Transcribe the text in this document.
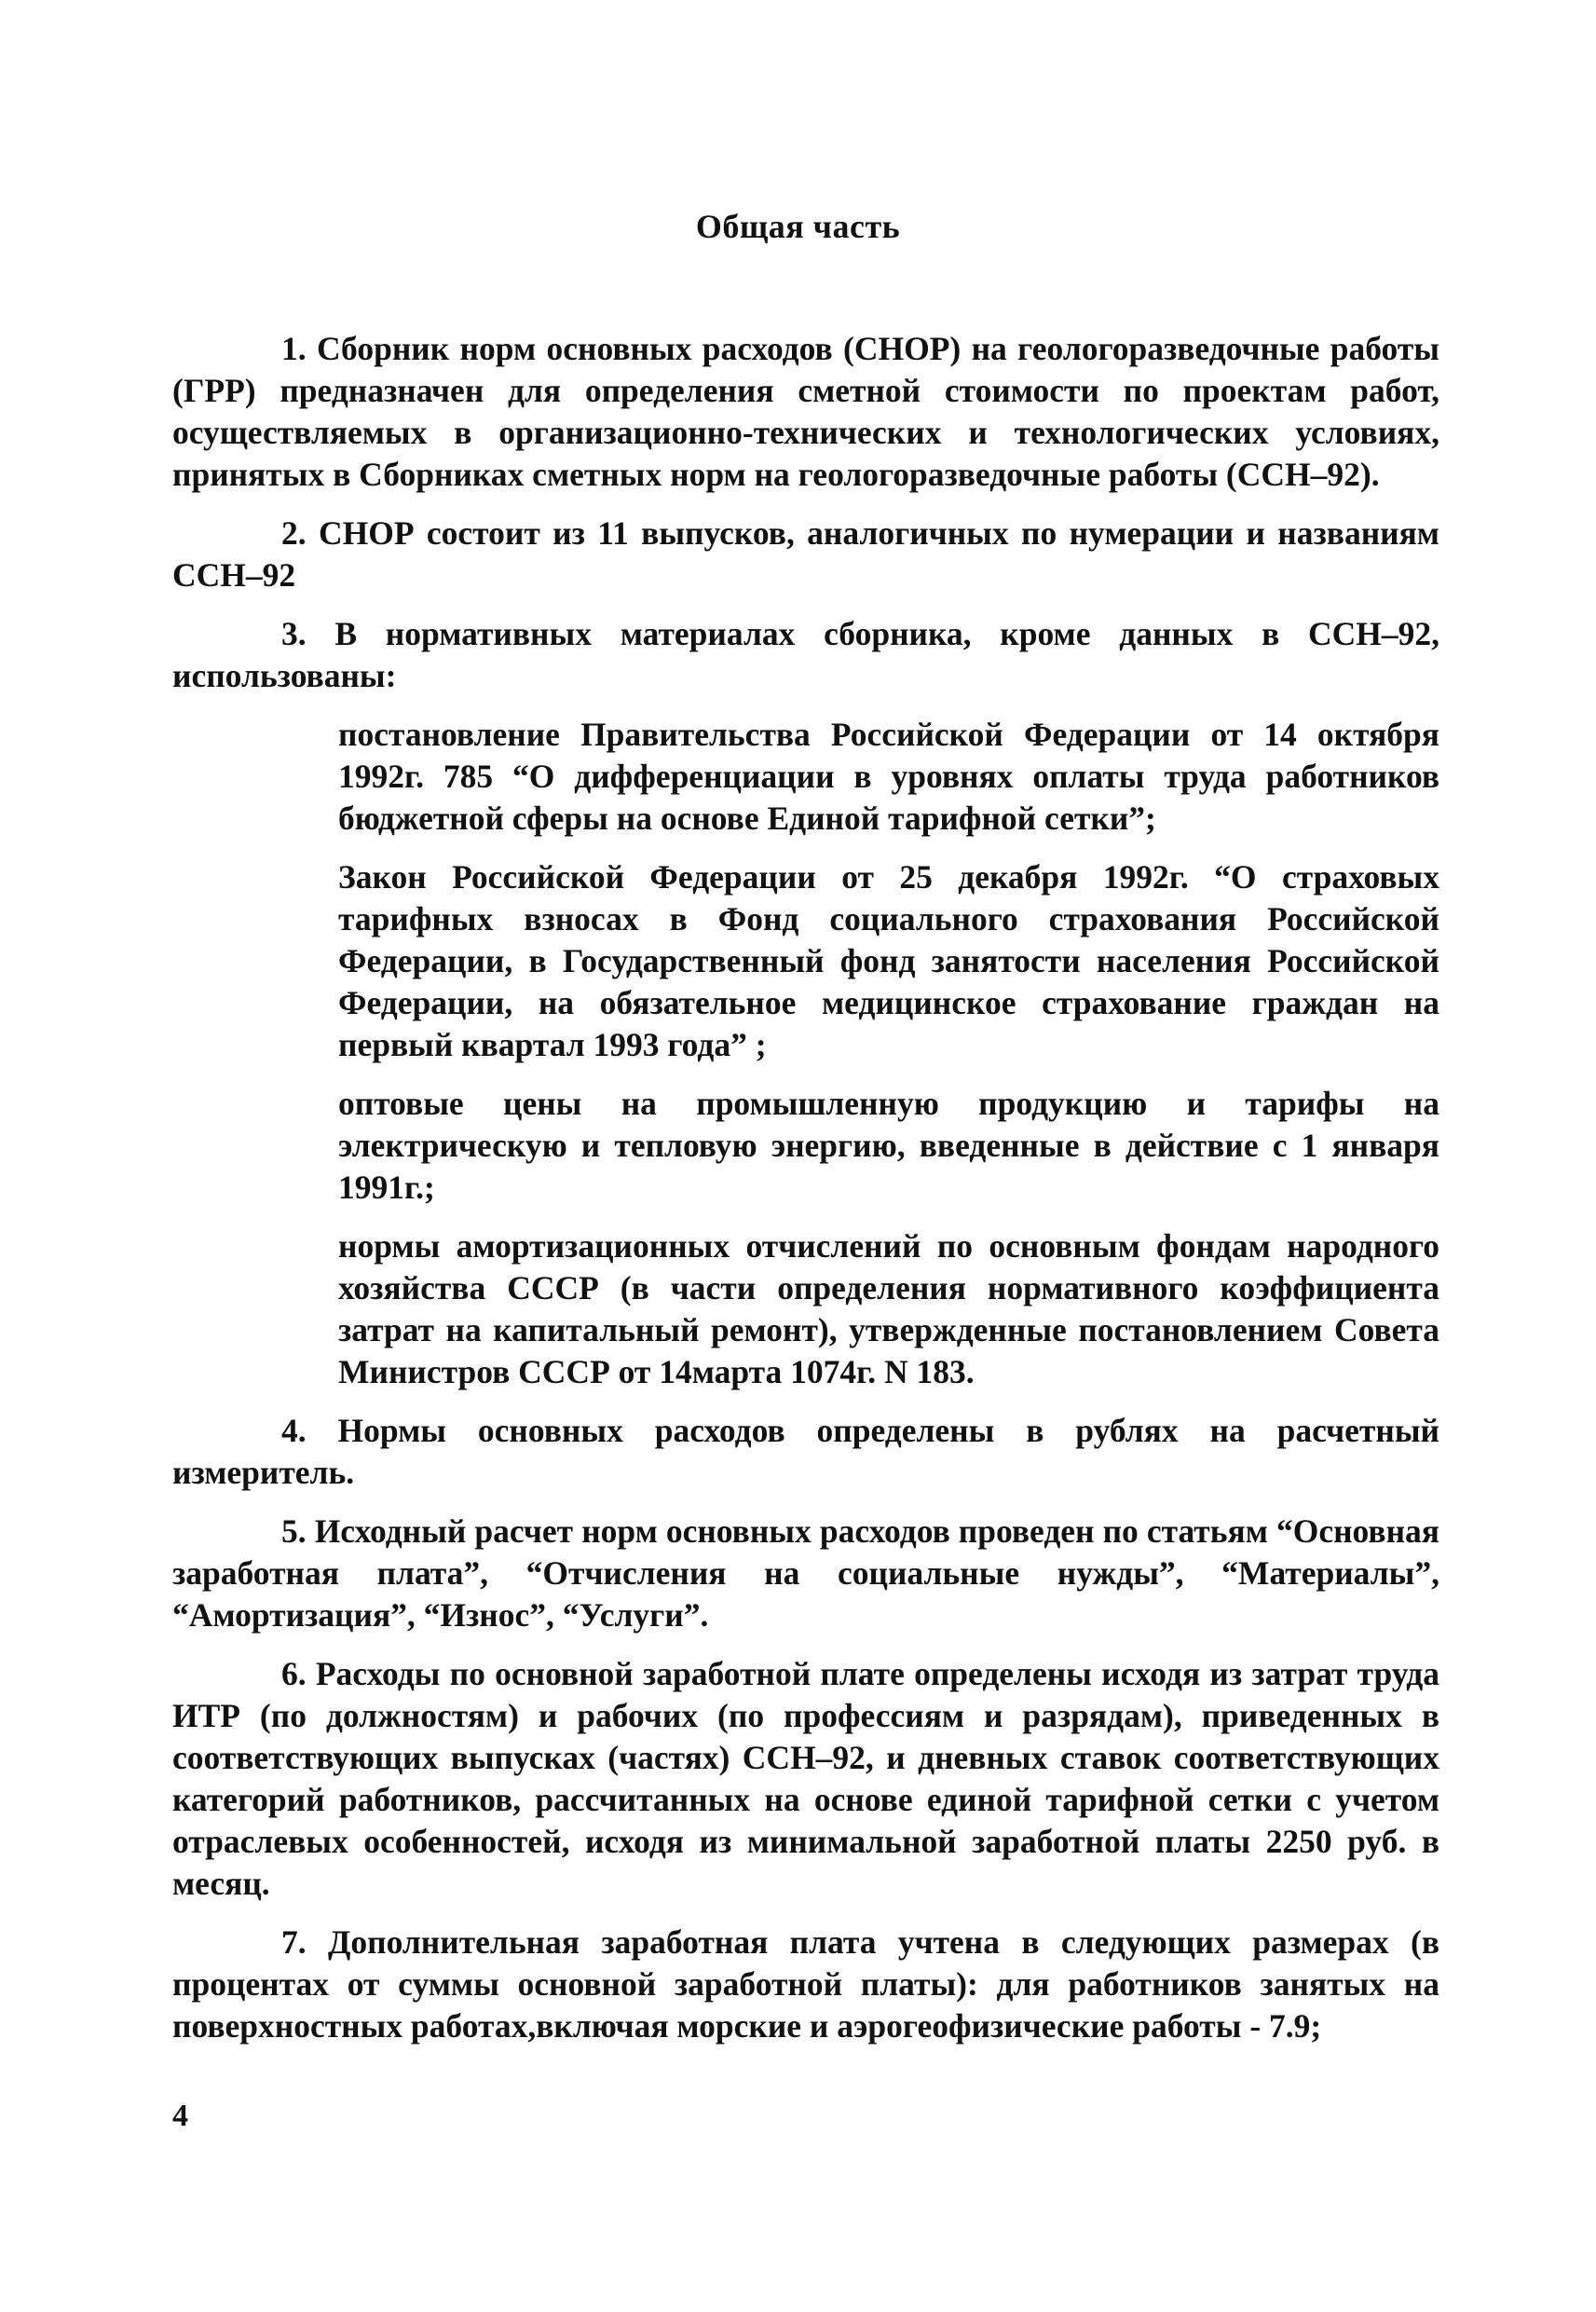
Общая часть

1. Сборник норм основных расходов (СНОР) на геологоразведочные работы (ГРР) предназначен для определения сметной стоимости по проектам работ, осуществляемых в организационно-технических и технологических условиях, принятых в Сборниках сметных норм на геологоразведочные работы (ССН–92).

2. СНОР состоит из 11 выпусков, аналогичных по нумерации и названиям ССН–92

3. В нормативных материалах сборника, кроме данных в ССН–92, использованы:

постановление Правительства Российской Федерации от 14 октября 1992г. 785 “О дифференциации в уровнях оплаты труда работников бюджетной сферы на основе Единой тарифной сетки”;

Закон Российской Федерации от 25 декабря 1992г. “О страховых тарифных взносах в Фонд социального страхования Российской Федерации, в Государственный фонд занятости населения Российской Федерации, на обязательное медицинское страхование граждан на первый квартал 1993 года” ;

оптовые цены на промышленную продукцию и тарифы на электрическую и тепловую энергию, введенные в действие с 1 января 1991г.;

нормы амортизационных отчислений по основным фондам народного хозяйства СССР (в части определения нормативного коэффициента затрат на капитальный ремонт), утвержденные постановлением Совета Министров СССР от 14марта 1074г. N 183.

4. Нормы основных расходов определены в рублях на расчетный измеритель.

5. Исходный расчет норм основных расходов проведен по статьям “Основная заработная плата”, “Отчисления на социальные нужды”, “Материалы”, “Амортизация”, “Износ”, “Услуги”.

6. Расходы по основной заработной плате определены исходя из затрат труда ИТР (по должностям) и рабочих (по профессиям и разрядам), приведенных в соответствующих выпусках (частях) ССН–92, и дневных ставок соответствующих категорий работников, рассчитанных на основе единой тарифной сетки с учетом отраслевых особенностей, исходя из минимальной заработной платы 2250 руб. в месяц.

7. Дополнительная заработная плата учтена в следующих размерах (в процентах от суммы основной заработной платы): для работников занятых на поверхностных работах,включая морские и аэрогеофизические работы - 7.9;

4
